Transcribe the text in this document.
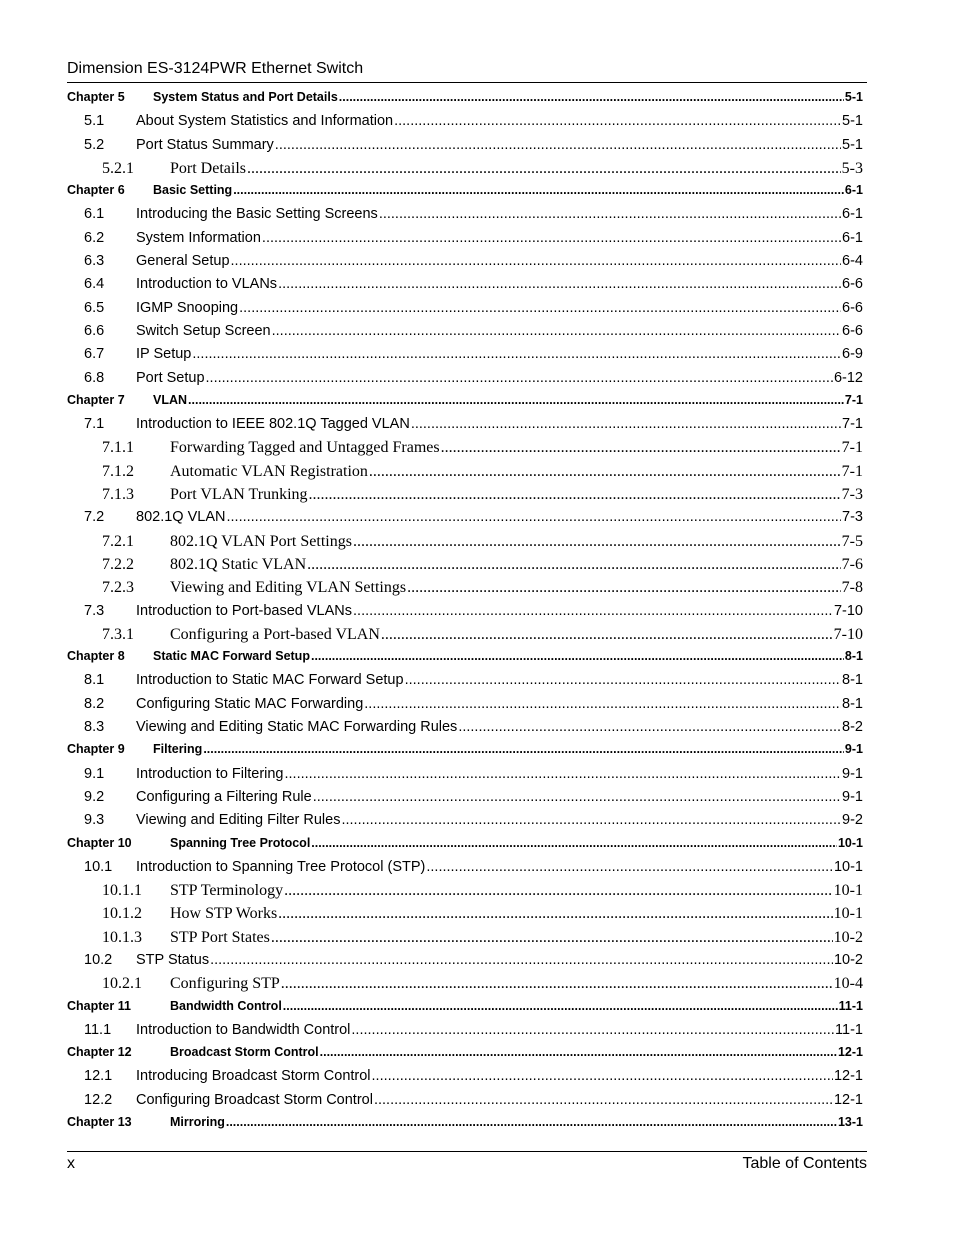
Dimension ES-3124PWR Ethernet Switch
Chapter 5	System Status and Port Details .....	5-1
5.1	About System Statistics and Information .....	5-1
5.2	Port Status Summary .....	5-1
5.2.1	Port Details .....	5-3
Chapter 6	Basic Setting .....	6-1
6.1	Introducing the Basic Setting Screens .....	6-1
6.2	System Information .....	6-1
6.3	General Setup .....	6-4
6.4	Introduction to VLANs .....	6-6
6.5	IGMP Snooping .....	6-6
6.6	Switch Setup Screen .....	6-6
6.7	IP Setup .....	6-9
6.8	Port Setup .....	6-12
Chapter 7	VLAN .....	7-1
7.1	Introduction to IEEE 802.1Q Tagged VLAN .....	7-1
7.1.1	Forwarding Tagged and Untagged Frames .....	7-1
7.1.2	Automatic VLAN Registration .....	7-1
7.1.3	Port VLAN Trunking .....	7-3
7.2	802.1Q VLAN .....	7-3
7.2.1	802.1Q VLAN Port Settings .....	7-5
7.2.2	802.1Q Static VLAN .....	7-6
7.2.3	Viewing and Editing VLAN Settings .....	7-8
7.3	Introduction to Port-based VLANs .....	7-10
7.3.1	Configuring a Port-based VLAN .....	7-10
Chapter 8	Static MAC Forward Setup .....	8-1
8.1	Introduction to Static MAC Forward Setup .....	8-1
8.2	Configuring Static MAC Forwarding .....	8-1
8.3	Viewing and Editing Static MAC Forwarding Rules .....	8-2
Chapter 9	Filtering .....	9-1
9.1	Introduction to Filtering .....	9-1
9.2	Configuring a Filtering Rule .....	9-1
9.3	Viewing and Editing Filter Rules .....	9-2
Chapter 10	Spanning Tree Protocol .....	10-1
10.1	Introduction to Spanning Tree Protocol (STP) .....	10-1
10.1.1	STP Terminology .....	10-1
10.1.2	How STP Works .....	10-1
10.1.3	STP Port States .....	10-2
10.2	STP Status .....	10-2
10.2.1	Configuring STP .....	10-4
Chapter 11	Bandwidth Control .....	11-1
11.1	Introduction to Bandwidth Control .....	11-1
Chapter 12	Broadcast Storm Control .....	12-1
12.1	Introducing Broadcast Storm Control .....	12-1
12.2	Configuring Broadcast Storm Control .....	12-1
Chapter 13	Mirroring .....	13-1
x	Table of Contents
